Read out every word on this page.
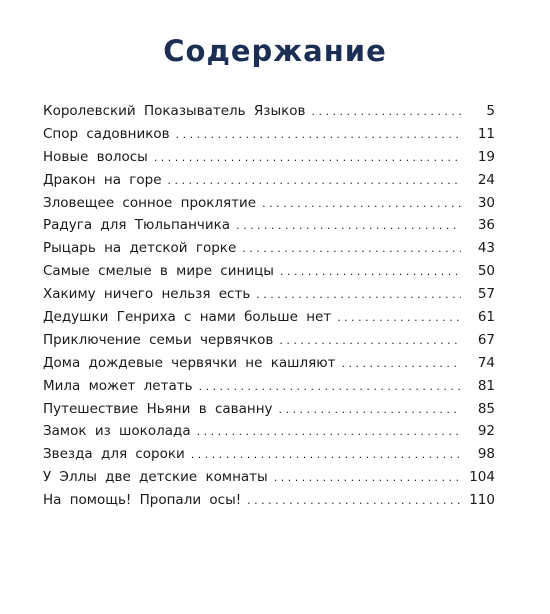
Содержание
Королевский Показыватель Языков . . .	5
Спор садовников . . .	11
Новые волосы . . .	19
Дракон на горе . . .	24
Зловещее сонное проклятие . . .	30
Радуга для Тюльпанчика . . .	36
Рыцарь на детской горке . . .	43
Самые смелые в мире синицы . . .	50
Хакиму ничего нельзя есть . . .	57
Дедушки Генриха с нами больше нет . . .	61
Приключение семьи червячков . . .	67
Дома дождевые червячки не кашляют . . .	74
Мила может летать . . .	81
Путешествие Ньяни в саванну . . .	85
Замок из шоколада . . .	92
Звезда для сороки . . .	98
У Эллы две детские комнаты . . .	104
На помощь! Пропали осы! . . .	110
